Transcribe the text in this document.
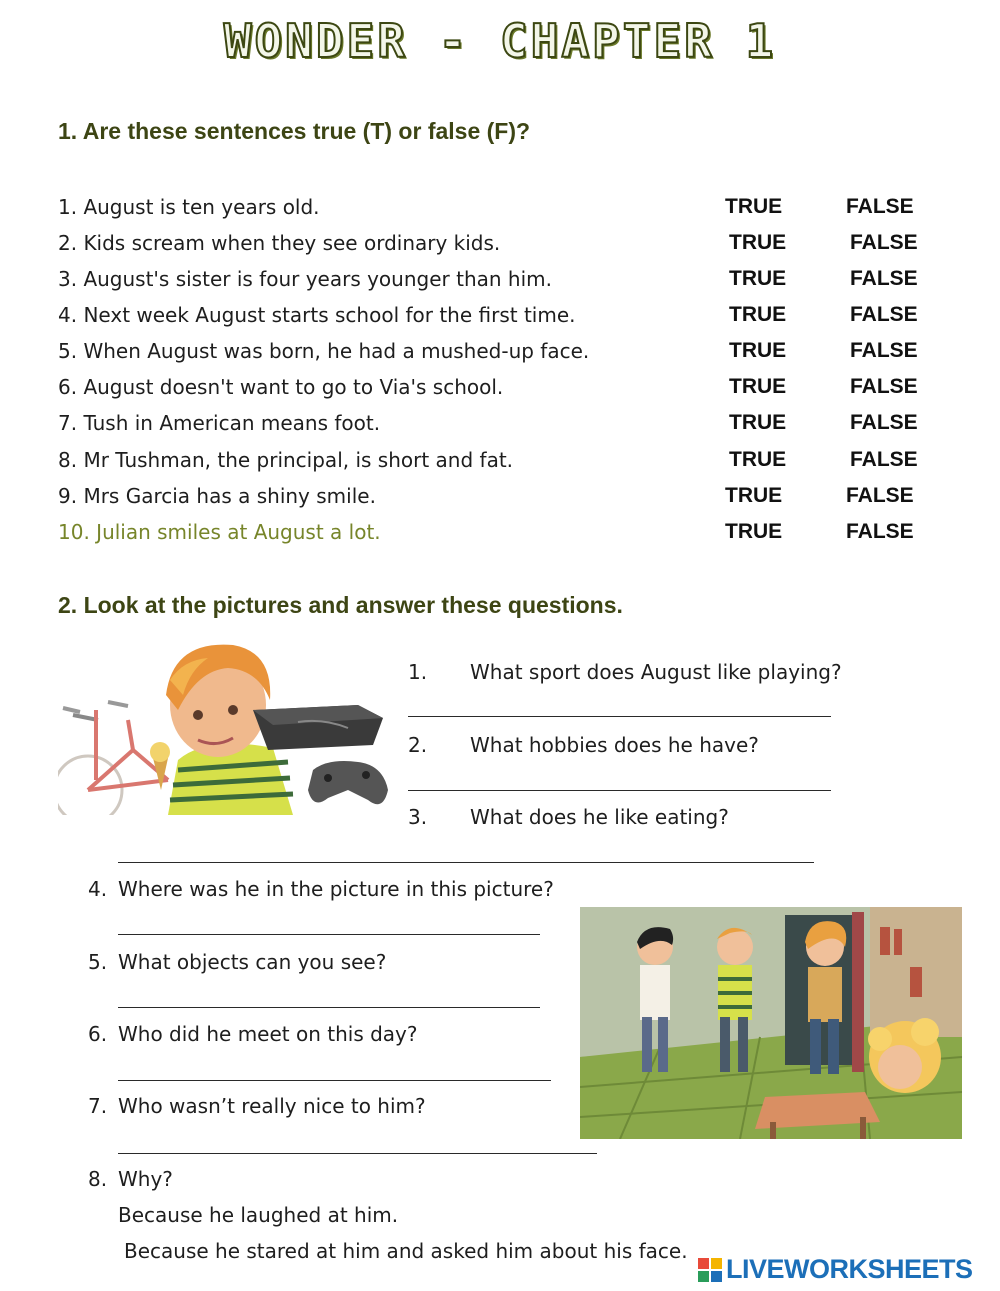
WONDER - CHAPTER 1
1. Are these sentences true (T) or false (F)?
1. August is ten years old.	TRUE	FALSE
2. Kids scream when they see ordinary kids.	TRUE	FALSE
3. August's sister is four years younger than him.	TRUE	FALSE
4. Next week August starts school for the first time.	TRUE	FALSE
5. When August was born, he had a mushed-up face.	TRUE	FALSE
6. August doesn't want to go to Via's school.	TRUE	FALSE
7. Tush in American means foot.	TRUE	FALSE
8. Mr Tushman, the principal, is short and fat.	TRUE	FALSE
9. Mrs Garcia has a shiny smile.	TRUE	FALSE
10. Julian smiles at August a lot.	TRUE	FALSE
2. Look at the pictures and answer these questions.
1. What sport does August like playing?
2. What hobbies does he have?
3. What does he like eating?
4. Where was he in the picture in this picture?
5. What objects can you see?
6. Who did he meet on this day?
7. Who wasn’t really nice to him?
8. Why?
Because he laughed at him.
Because he stared at him and asked him about his face.
LIVEWORKSHEETS
